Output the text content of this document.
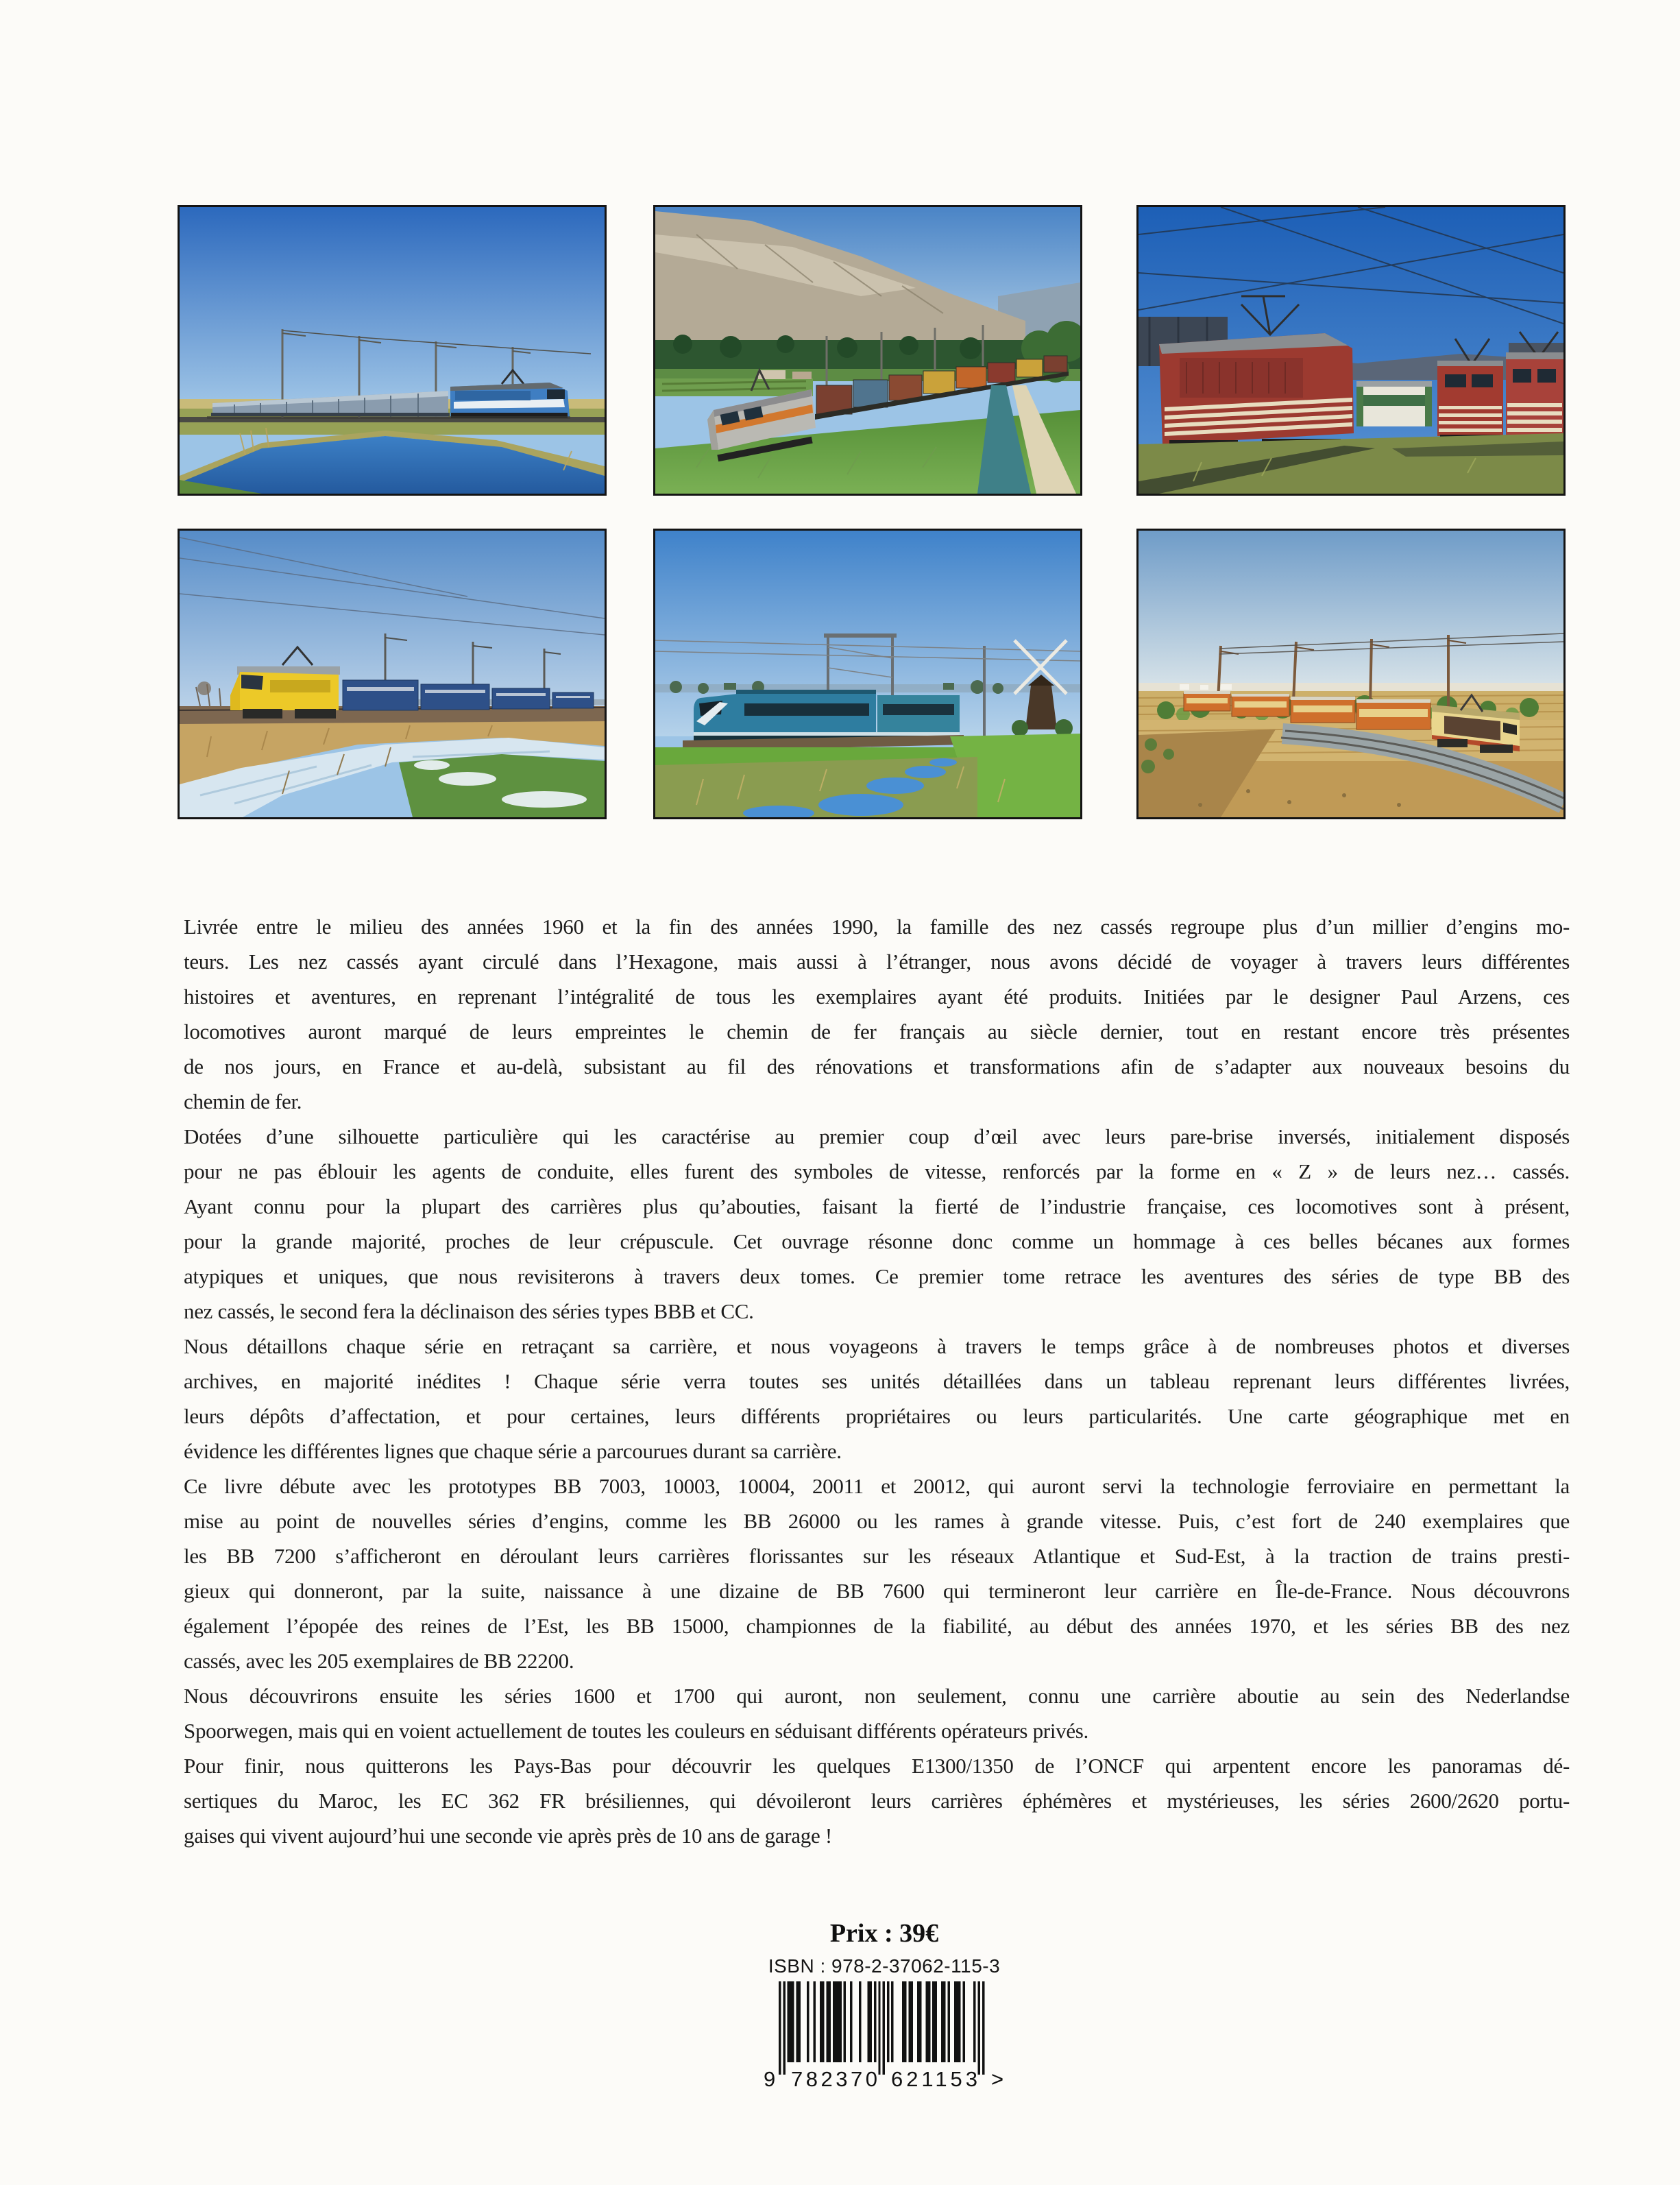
Livrée entre le milieu des années 1960 et la fin des années 1990, la famille des nez cassés regroupe plus d’un millier d’engins mo-
teurs. Les nez cassés ayant circulé dans l’Hexagone, mais aussi à l’étranger, nous avons décidé de voyager à travers leurs différentes
histoires et aventures, en reprenant l’intégralité de tous les exemplaires ayant été produits. Initiées par le designer Paul Arzens, ces
locomotives auront marqué de leurs empreintes le chemin de fer français au siècle dernier, tout en restant encore très présentes
de nos jours, en France et au-delà, subsistant au fil des rénovations et transformations afin de s’adapter aux nouveaux besoins du
chemin de fer.
Dotées d’une silhouette particulière qui les caractérise au premier coup d’œil avec leurs pare-brise inversés, initialement disposés
pour ne pas éblouir les agents de conduite, elles furent des symboles de vitesse, renforcés par la forme en « Z » de leurs nez… cassés.
Ayant connu pour la plupart des carrières plus qu’abouties, faisant la fierté de l’industrie française, ces locomotives sont à présent,
pour la grande majorité, proches de leur crépuscule. Cet ouvrage résonne donc comme un hommage à ces belles bécanes aux formes
atypiques et uniques, que nous revisiterons à travers deux tomes. Ce premier tome retrace les aventures des séries de type BB des
nez cassés, le second fera la déclinaison des séries types BBB et CC.
Nous détaillons chaque série en retraçant sa carrière, et nous voyageons à travers le temps grâce à de nombreuses photos et diverses
archives, en majorité inédites ! Chaque série verra toutes ses unités détaillées dans un tableau reprenant leurs différentes livrées,
leurs dépôts d’affectation, et pour certaines, leurs différents propriétaires ou leurs particularités. Une carte géographique met en
évidence les différentes lignes que chaque série a parcourues durant sa carrière.
Ce livre débute avec les prototypes BB 7003, 10003, 10004, 20011 et 20012, qui auront servi la technologie ferroviaire en permettant la
mise au point de nouvelles séries d’engins, comme les BB 26000 ou les rames à grande vitesse. Puis, c’est fort de 240 exemplaires que
les BB 7200 s’afficheront en déroulant leurs carrières florissantes sur les réseaux Atlantique et Sud-Est, à la traction de trains presti-
gieux qui donneront, par la suite, naissance à une dizaine de BB 7600 qui termineront leur carrière en Île-de-France. Nous découvrons
également l’épopée des reines de l’Est, les BB 15000, championnes de la fiabilité, au début des années 1970, et les séries BB des nez
cassés, avec les 205 exemplaires de BB 22200.
Nous découvrirons ensuite les séries 1600 et 1700 qui auront, non seulement, connu une carrière aboutie au sein des Nederlandse
Spoorwegen, mais qui en voient actuellement de toutes les couleurs en séduisant différents opérateurs privés.
Pour finir, nous quitterons les Pays-Bas pour découvrir les quelques E1300/1350 de l’ONCF qui arpentent encore les panoramas dé-
sertiques du Maroc, les EC 362 FR brésiliennes, qui dévoileront leurs carrières éphémères et mystérieuses, les séries 2600/2620 portu-
gaises qui vivent aujourd’hui une seconde vie après près de 10 ans de garage !
Prix : 39€
ISBN : 978-2-37062-115-3
9 782370 621153 >
